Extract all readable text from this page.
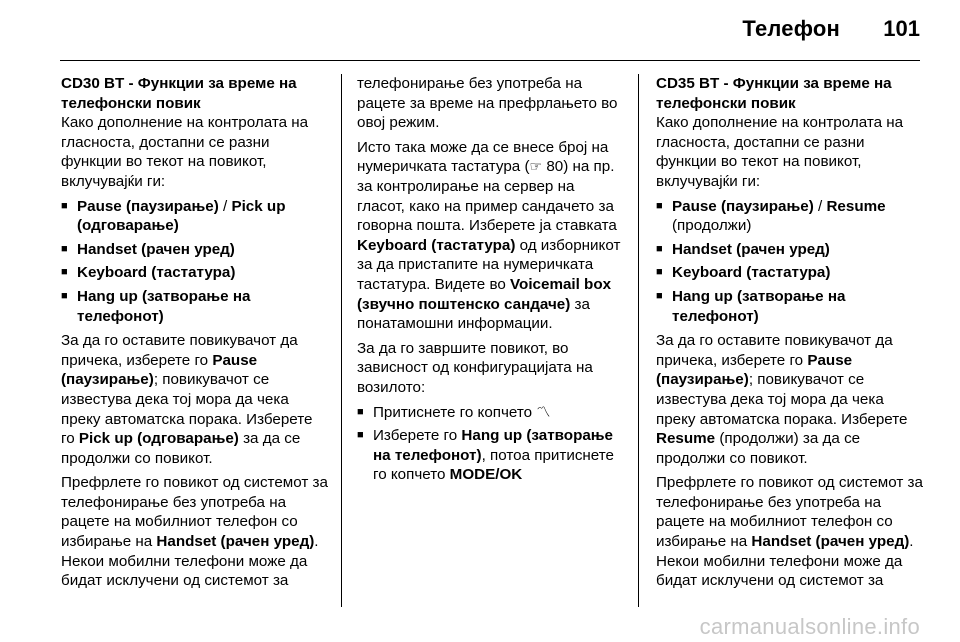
Телефон 101

CD30 BT - Функции за време на телефонски повик

Како дополнение на контролата на гласноста, достапни се разни функции во текот на повикот, вклучувајќи ги:

■ Pause (паузирање) / Pick up (одговарање)
■ Handset (рачен уред)
■ Keyboard (тастатура)
■ Hang up (затворање на телефонот)

За да го оставите повикувачот да причека, изберете го Pause (паузирање); повикувачот се известува дека тој мора да чека преку автоматска порака. Изберете го Pick up (одговарање) за да се продолжи со повикот.

Префрлете го повикот од системот за телефонирање без употреба на рацете на мобилниот телефон со избирање на Handset (рачен уред). Некои мобилни телефони може да бидат исклучени од системот за

телефонирање без употреба на рацете за време на префрлањето во овој режим.

Исто така може да се внесе број на нумеричката тастатура (☞ 80) на пр. за контролирање на сервер на гласот, како на пример сандачето за говорна пошта. Изберете ја ставката Keyboard (тастатура) од изборникот за да пристапите на нумеричката тастатура. Видете во Voicemail box (звучно поштенско сандаче) за понатамошни информации.

За да го завршите повикот, во зависност од конфигурацијата на возилото:

■ Притиснете го копчето 〽
■ Изберете го Hang up (затворање на телефонот), потоа притиснете го копчето MODE/OK

CD35 BT - Функции за време на телефонски повик

Како дополнение на контролата на гласноста, достапни се разни функции во текот на повикот, вклучувајќи ги:

■ Pause (паузирање) / Resume (продолжи)
■ Handset (рачен уред)
■ Keyboard (тастатура)
■ Hang up (затворање на телефонот)

За да го оставите повикувачот да причека, изберете го Pause (паузирање); повикувачот се известува дека тој мора да чека преку автоматска порака. Изберете Resume (продолжи) за да се продолжи со повикот.

Префрлете го повикот од системот за телефонирање без употреба на рацете на мобилниот телефон со избирање на Handset (рачен уред). Некои мобилни телефони може да бидат исклучени од системот за

carmanualsonline.info
